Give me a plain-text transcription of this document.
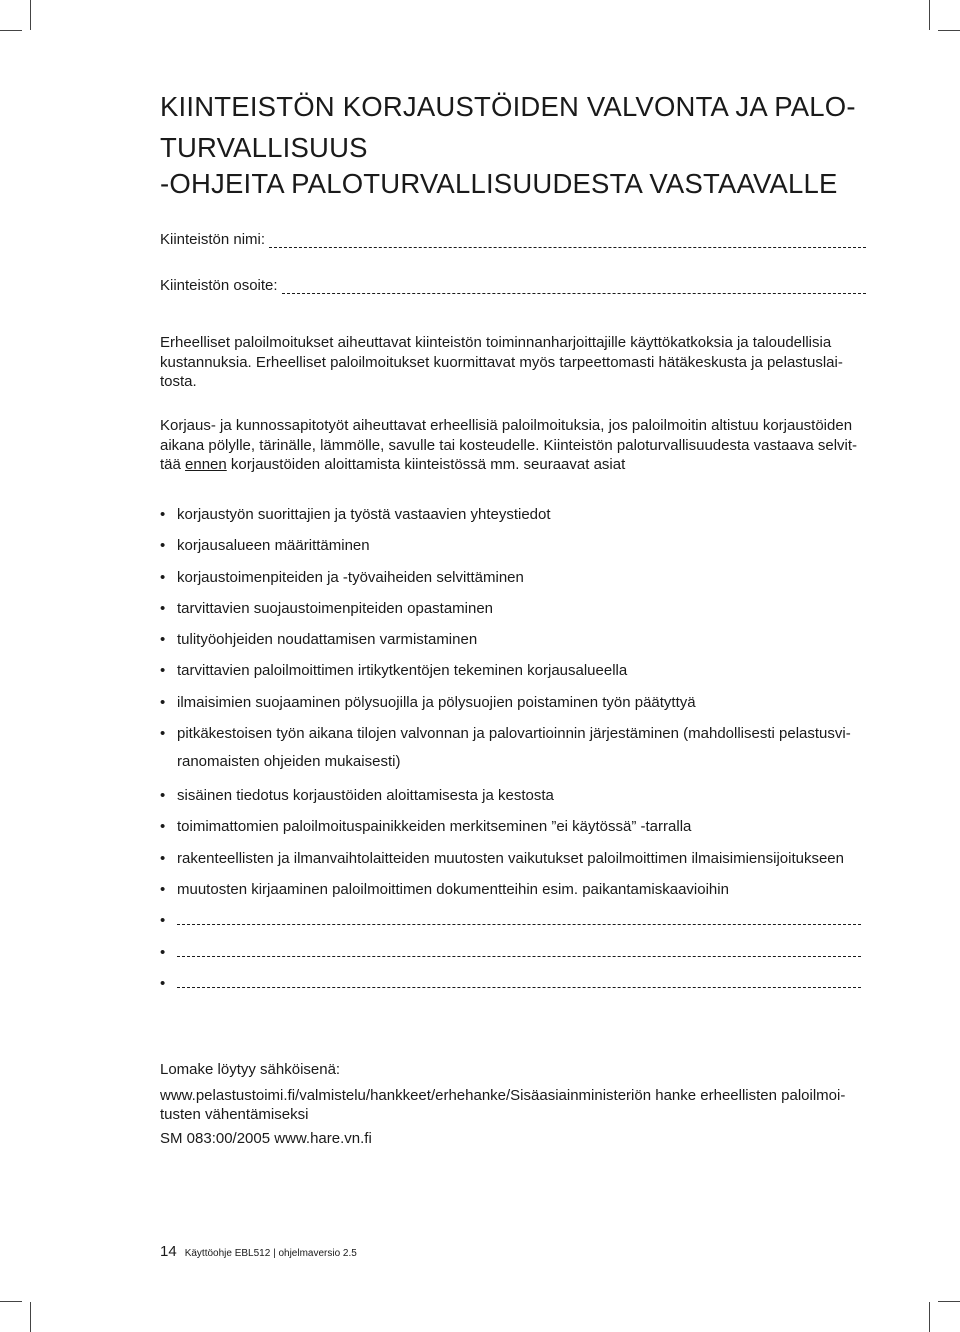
KIINTEISTÖN KORJAUSTÖIDEN VALVONTA JA PALO-
TURVALLISUUS
-OHJEITA PALOTURVALLISUUDESTA VASTAAVALLE
Kiinteistön nimi:
Kiinteistön osoite:

Erheelliset paloilmoitukset aiheuttavat kiinteistön toiminnanharjoittajille käyttökatkoksia ja taloudellisia
kustannuksia. Erheelliset paloilmoitukset kuormittavat myös tarpeettomasti hätäkeskusta ja pelastuslai-
tosta.

Korjaus- ja kunnossapitotyöt aiheuttavat erheellisiä paloilmoituksia, jos paloilmoitin altistuu korjaustöiden
aikana pölylle, tärinälle, lämmölle, savulle tai kosteudelle. Kiinteistön paloturvallisuudesta vastaava selvit-
tää ennen korjaustöiden aloittamista kiinteistössä mm. seuraavat asiat

• korjaustyön suorittajien ja työstä vastaavien yhteystiedot
• korjausalueen määrittäminen
• korjaustoimenpiteiden ja -työvaiheiden selvittäminen
• tarvittavien suojaustoimenpiteiden opastaminen
• tulityöohjeiden noudattamisen varmistaminen
• tarvittavien paloilmoittimen irtikytkentöjen tekeminen korjausalueella
• ilmaisimien suojaaminen pölysuojilla ja pölysuojien poistaminen työn päätyttyä
• pitkäkestoisen työn aikana tilojen valvonnan ja palovartioinnin järjestäminen (mahdollisesti pelastusvi-
ranomaisten ohjeiden mukaisesti)
• sisäinen tiedotus korjaustöiden aloittamisesta ja kestosta
• toimimattomien paloilmoituspainikkeiden merkitseminen ”ei käytössä” -tarralla
• rakenteellisten ja ilmanvaihtolaitteiden muutosten vaikutukset paloilmoittimen ilmaisimiensijoitukseen
• muutosten kirjaaminen paloilmoittimen dokumentteihin esim. paikantamiskaavioihin
•
•
•
Lomake löytyy sähköisenä:
www.pelastustoimi.fi/valmistelu/hankkeet/erhehanke/Sisäasiainministeriön hanke erheellisten paloilmoi-
tusten vähentämiseksi
SM 083:00/2005 www.hare.vn.fi
14 Käyttöohje EBL512 | ohjelmaversio 2.5
